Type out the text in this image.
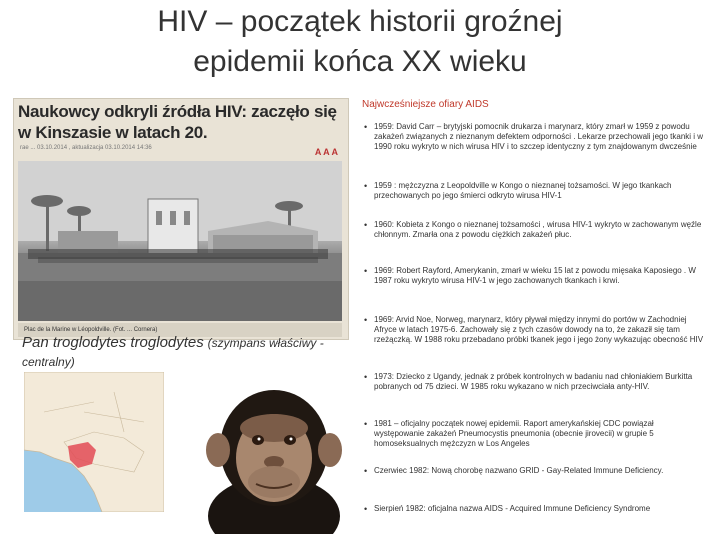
HIV – początek historii groźnej
epidemii końca XX wieku
Naukowcy odkryli źródła HIV: zaczęło się w Kinszasie w latach 20.
rae ... 03.10.2014 , aktualizacja 03.10.2014 14:36	A A A
Plac de la Marine w Léopoldville. (Fot. ... Cornera)
Pan troglodytes troglodytes (szympans właściwy - centralny)
Najwcześniejsze ofiary AIDS
• 1959: David Carr – brytyjski pomocnik drukarza i marynarz, który zmarł w 1959 z powodu zakażeń związanych z nieznanym defektem odporności . Lekarze przechowali jego tkanki i w 1990 roku wykryto w nich wirusa HIV i to szczep identyczny z tym znajdowanym dwcześnie
• 1959 : mężczyzna z Leopoldville w Kongo o nieznanej tożsamości. W jego tkankach przechowanych po jego śmierci odkryto wirusa HIV-1
• 1960: Kobieta z Kongo o nieznanej tożsamości , wirusa HIV-1 wykryto w zachowanym węźle chłonnym. Zmarła ona z powodu ciężkich zakażeń płuc.
• 1969: Robert Rayford, Amerykanin, zmarł w wieku 15 lat z powodu mięsaka Kaposiego . W 1987 roku wykryto wirusa HIV-1 w jego zachowanych tkankach i krwi.
• 1969: Arvid Noe, Norweg, marynarz, który pływał między innymi do portów w Zachodniej Afryce w latach 1975-6. Zachowały się z tych czasów dowody na to, że zakaził się tam rzeżączką. W 1988 roku przebadano próbki tkanek jego i jego żony wykazując obecność HIV
• 1973: Dziecko z Ugandy, jednak z próbek kontrolnych w badaniu nad chłoniakiem Burkitta pobranych od 75 dzieci. W 1985 roku wykazano w nich przeciwciała anty-HIV.
• 1981 – oficjalny początek nowej epidemii. Raport amerykańskiej CDC powiązał występowanie zakażeń Pneumocystis pneumonia (obecnie jirovecii) w grupie 5 homoseksualnych mężczyzn w Los Angeles
• Czerwiec 1982: Nową chorobę nazwano GRID - Gay-Related Immune Deficiency.
• Sierpień 1982: oficjalna nazwa AIDS - Acquired Immune Deficiency Syndrome
